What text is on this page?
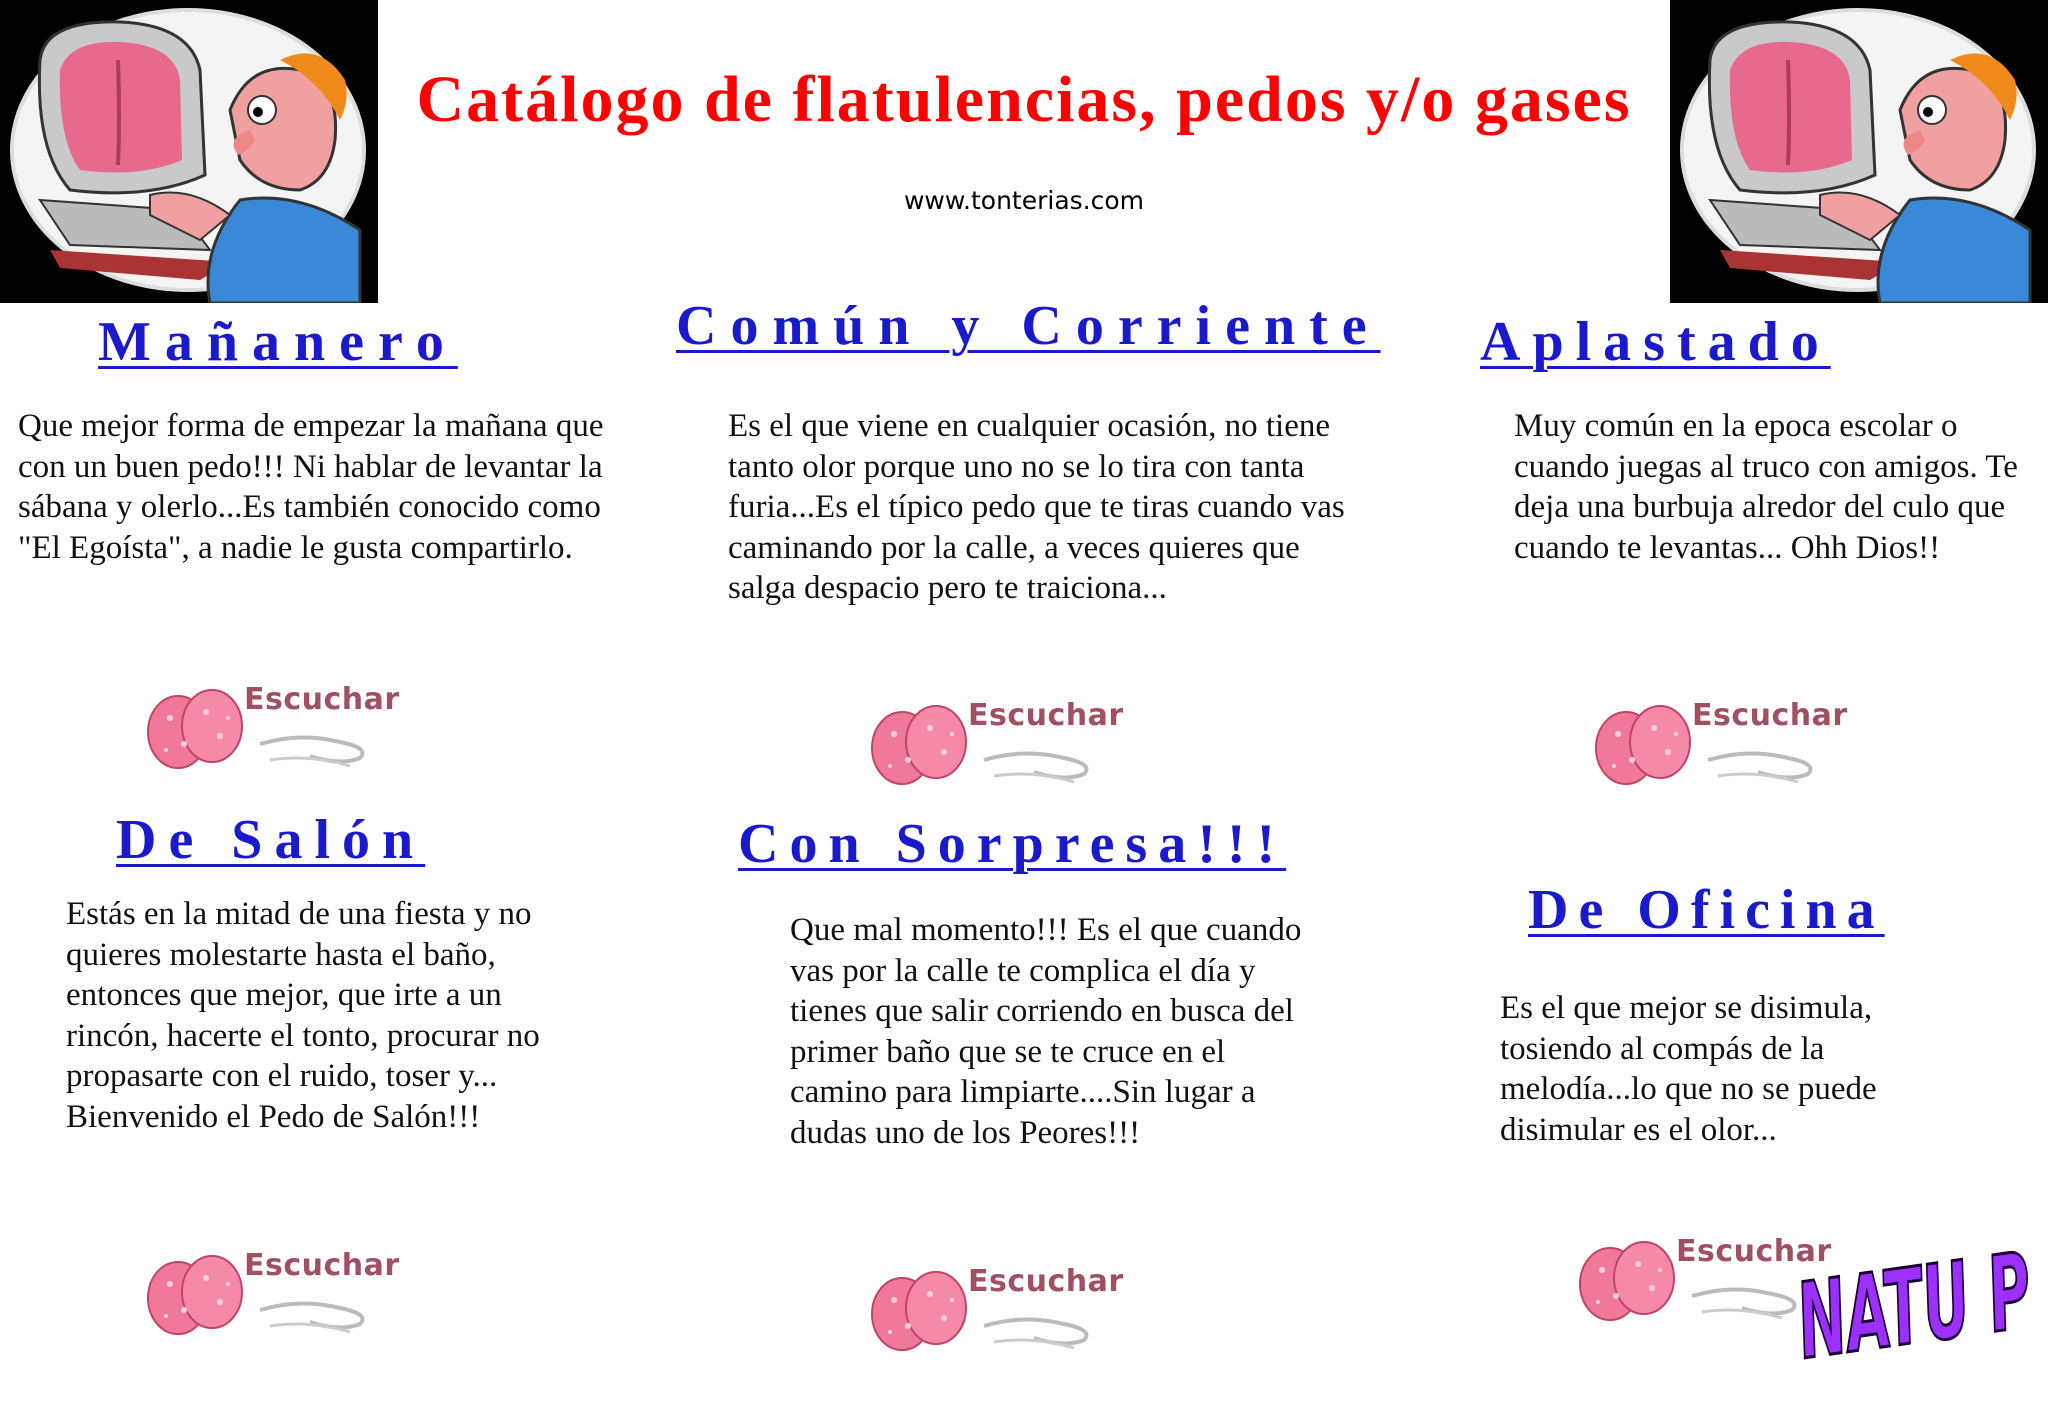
Catálogo de flatulencias, pedos y/o gases
www.tonterias.com
Mañanero
Que mejor forma de empezar la mañana que con un buen pedo!!! Ni hablar de levantar la sábana y olerlo...Es también conocido como "El Egoísta", a nadie le gusta compartirlo.
Escuchar
Común y Corriente
Es el que viene en cualquier ocasión, no tiene tanto olor porque uno no se lo tira con tanta furia...Es el típico pedo que te tiras cuando vas caminando por la calle, a veces quieres que salga despacio pero te traiciona...
Escuchar
Aplastado
Muy común en la epoca escolar o cuando juegas al truco con amigos. Te deja una burbuja alredor del culo que cuando te levantas... Ohh Dios!!
Escuchar
De Salón
Estás en la mitad de una fiesta y no quieres molestarte hasta el baño, entonces que mejor, que irte a un rincón, hacerte el tonto, procurar no propasarte con el ruido, toser y... Bienvenido el Pedo de Salón!!!
Escuchar
Con Sorpresa!!!
Que mal momento!!! Es el que cuando vas por la calle te complica el día y tienes que salir corriendo en busca del primer baño que se te cruce en el camino para limpiarte....Sin lugar a dudas uno de los Peores!!!
Escuchar
De Oficina
Es el que mejor se disimula, tosiendo al compás de la melodía...lo que no se puede disimular es el olor...
Escuchar
NATU P
